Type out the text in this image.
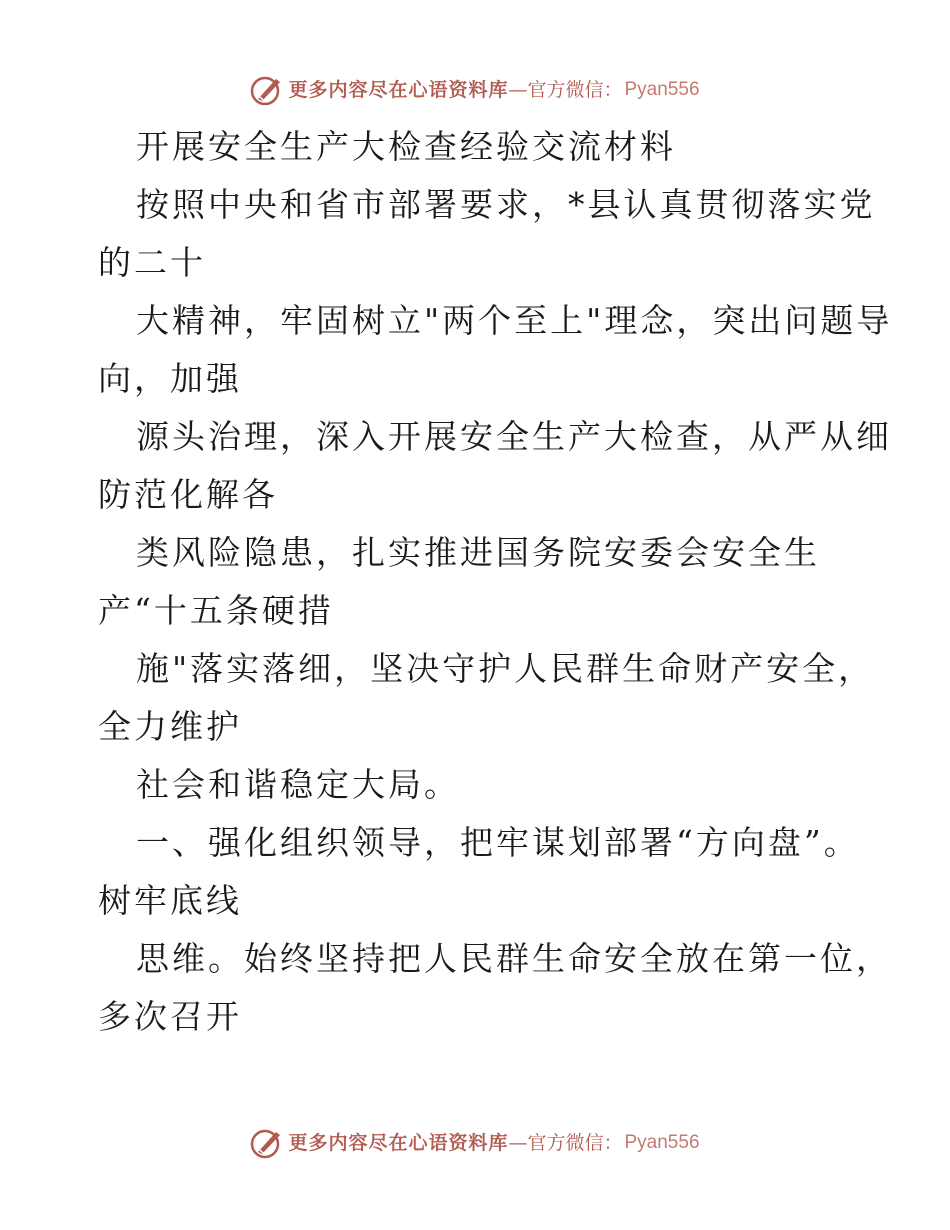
更多内容尽在心语资料库 —官方微信： Pyan556
开展安全生产大检查经验交流材料
按照中央和省市部署要求，*县认真贯彻落实党
的二十
大精神，牢固树立"两个至上"理念，突出问题导
向，加强
源头治理，深入开展安全生产大检查，从严从细
防范化解各
类风险隐患，扎实推进国务院安委会安全生
产“十五条硬措
施"落实落细，坚决守护人民群生命财产安全，
全力维护
社会和谐稳定大局。
一、强化组织领导，把牢谋划部署“方向盘”。
树牢底线
思维。始终坚持把人民群生命安全放在第一位，
多次召开
更多内容尽在心语资料库 —官方微信： Pyan556
